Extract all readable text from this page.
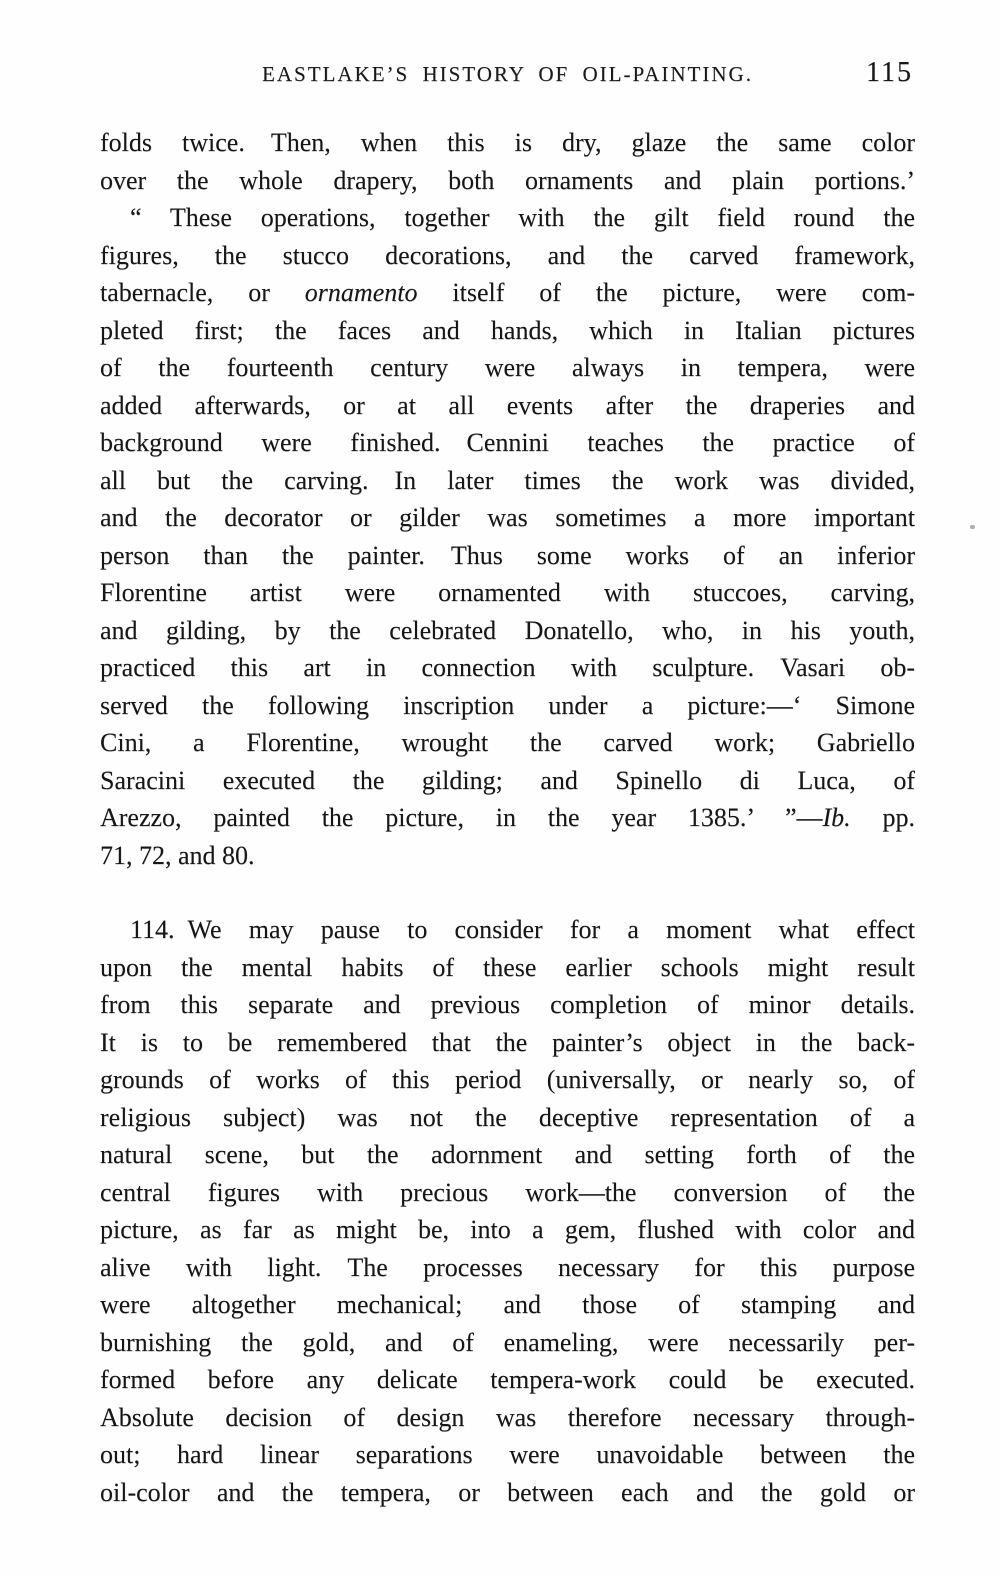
EASTLAKE’S HISTORY OF OIL-PAINTING.	115
folds twice. Then, when this is dry, glaze the same color
over the whole drapery, both ornaments and plain portions.’
“ These operations, together with the gilt field round the
figures, the stucco decorations, and the carved framework,
tabernacle, or ornamento itself of the picture, were com-
pleted first; the faces and hands, which in Italian pictures
of the fourteenth century were always in tempera, were
added afterwards, or at all events after the draperies and
background were finished. Cennini teaches the practice of
all but the carving. In later times the work was divided,
and the decorator or gilder was sometimes a more important
person than the painter. Thus some works of an inferior
Florentine artist were ornamented with stuccoes, carving,
and gilding, by the celebrated Donatello, who, in his youth,
practiced this art in connection with sculpture. Vasari ob-
served the following inscription under a picture:—‘ Simone
Cini, a Florentine, wrought the carved work; Gabriello
Saracini executed the gilding; and Spinello di Luca, of
Arezzo, painted the picture, in the year 1385.’ ”—Ib. pp.
71, 72, and 80.
114. We may pause to consider for a moment what effect
upon the mental habits of these earlier schools might result
from this separate and previous completion of minor details.
It is to be remembered that the painter’s object in the back-
grounds of works of this period (universally, or nearly so, of
religious subject) was not the deceptive representation of a
natural scene, but the adornment and setting forth of the
central figures with precious work—the conversion of the
picture, as far as might be, into a gem, flushed with color and
alive with light. The processes necessary for this purpose
were altogether mechanical; and those of stamping and
burnishing the gold, and of enameling, were necessarily per-
formed before any delicate tempera-work could be executed.
Absolute decision of design was therefore necessary through-
out; hard linear separations were unavoidable between the
oil-color and the tempera, or between each and the gold or
